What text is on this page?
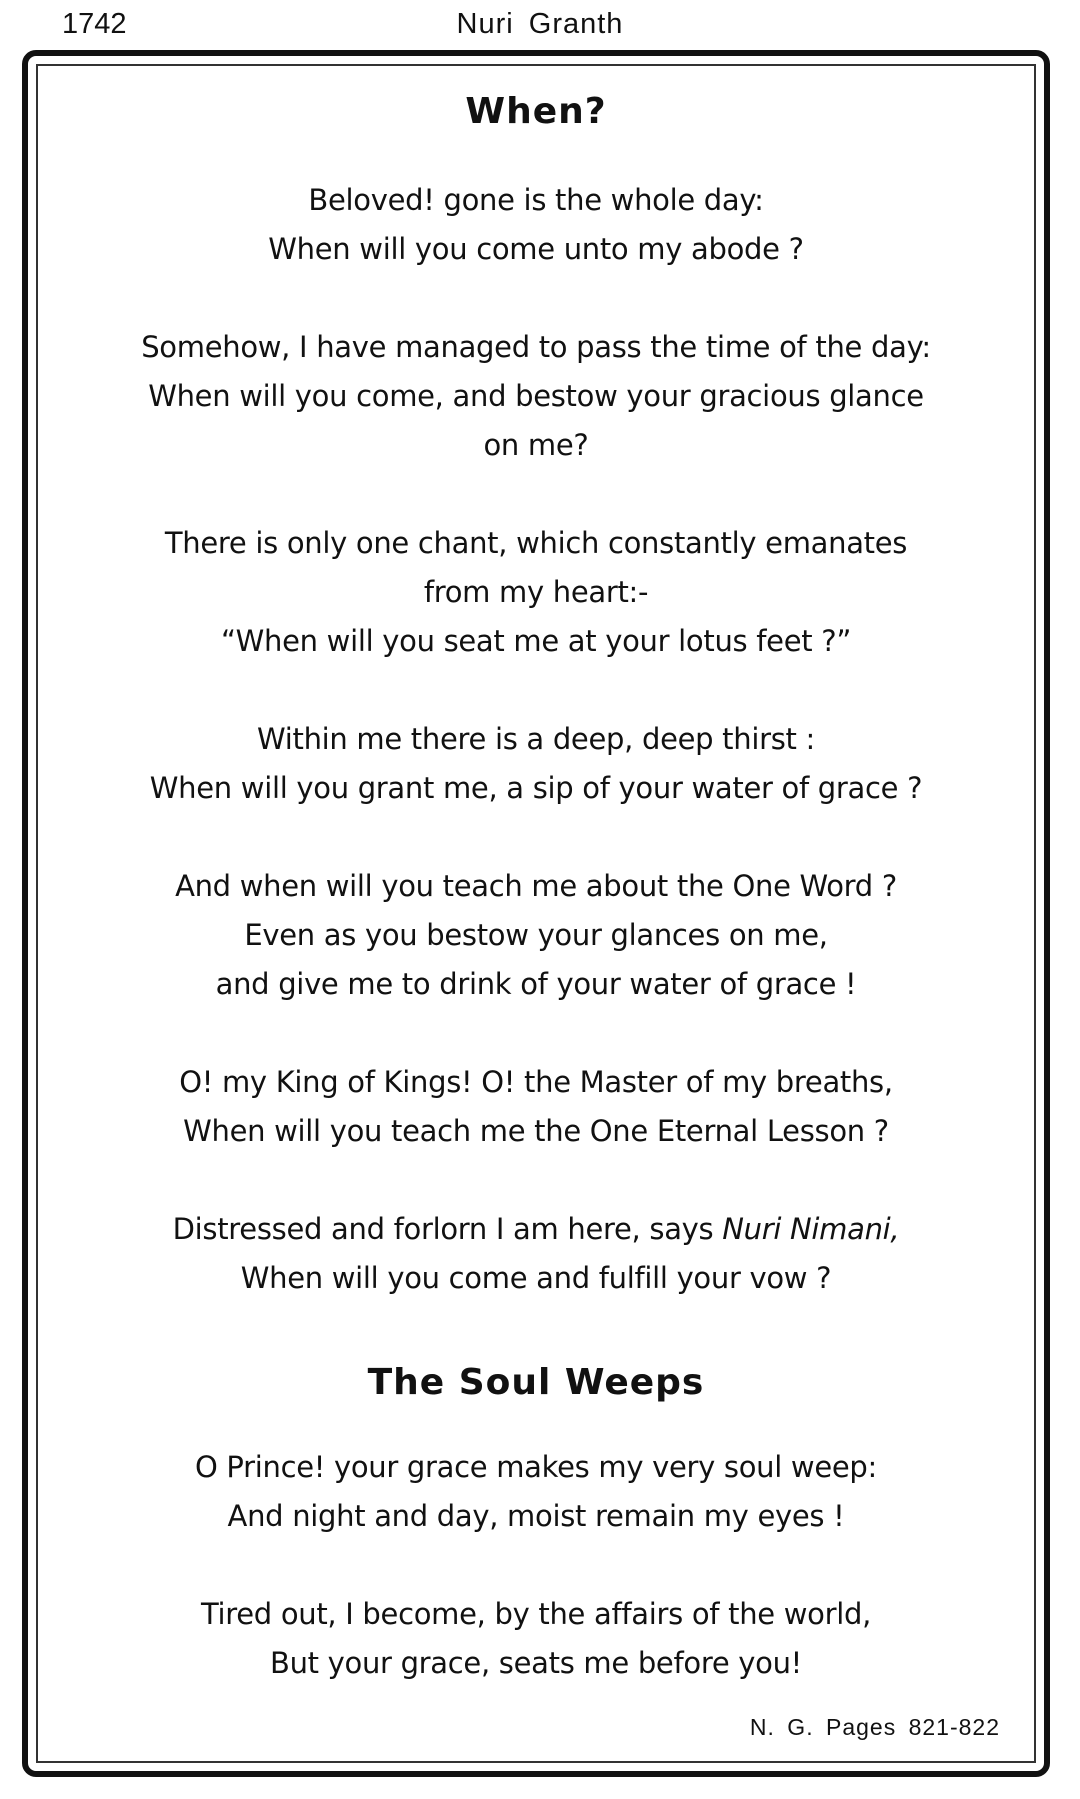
1742	Nuri Granth
When?
Beloved! gone is the whole day:
When will you come unto my abode ?
Somehow, I have managed to pass the time of the day:
When will you come, and bestow your gracious glance
on me?
There is only one chant, which constantly emanates
from my heart:-
“When will you seat me at your lotus feet ?”
Within me there is a deep, deep thirst :
When will you grant me, a sip of your water of grace ?
And when will you teach me about the One Word ?
Even as you bestow your glances on me,
and give me to drink of your water of grace !
O! my King of Kings! O! the Master of my breaths,
When will you teach me the One Eternal Lesson ?
Distressed and forlorn I am here, says Nuri Nimani,
When will you come and fulfill your vow ?
The Soul Weeps
O Prince! your grace makes my very soul weep:
And night and day, moist remain my eyes !
Tired out, I become, by the affairs of the world,
But your grace, seats me before you!
N. G. Pages 821-822
